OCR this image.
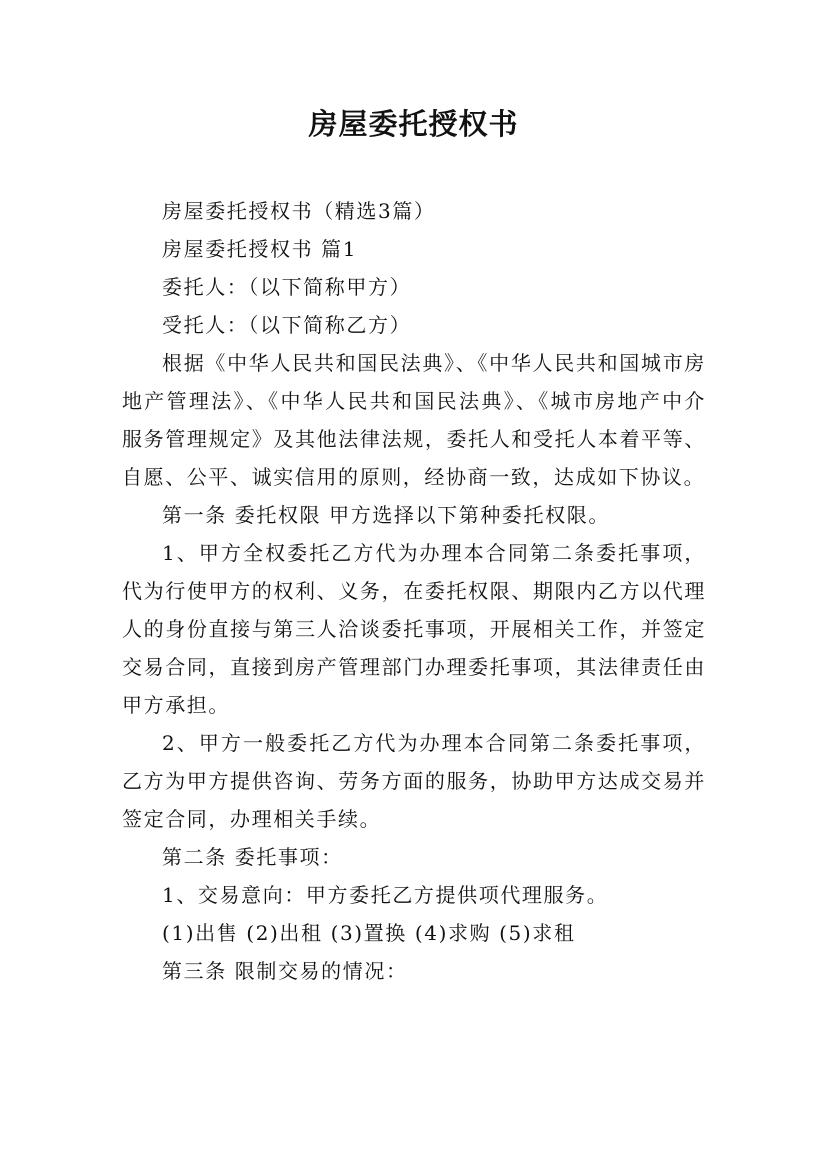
房屋委托授权书

房屋委托授权书（精选3篇）

房屋委托授权书 篇1

委托人：（以下简称甲方）

受托人：（以下简称乙方）

根据《中华人民共和国民法典》、《中华人民共和国城市房地产管理法》、《中华人民共和国民法典》、《城市房地产中介服务管理规定》及其他法律法规，委托人和受托人本着平等、自愿、公平、诚实信用的原则，经协商一致，达成如下协议。

第一条 委托权限 甲方选择以下第种委托权限。

1、甲方全权委托乙方代为办理本合同第二条委托事项，代为行使甲方的权利、义务，在委托权限、期限内乙方以代理人的身份直接与第三人洽谈委托事项，开展相关工作，并签定交易合同，直接到房产管理部门办理委托事项，其法律责任由甲方承担。

2、甲方一般委托乙方代为办理本合同第二条委托事项，乙方为甲方提供咨询、劳务方面的服务，协助甲方达成交易并签定合同，办理相关手续。

第二条 委托事项：

1、交易意向：甲方委托乙方提供项代理服务。

(1)出售 (2)出租 (3)置换 (4)求购 (5)求租

第三条 限制交易的情况：
